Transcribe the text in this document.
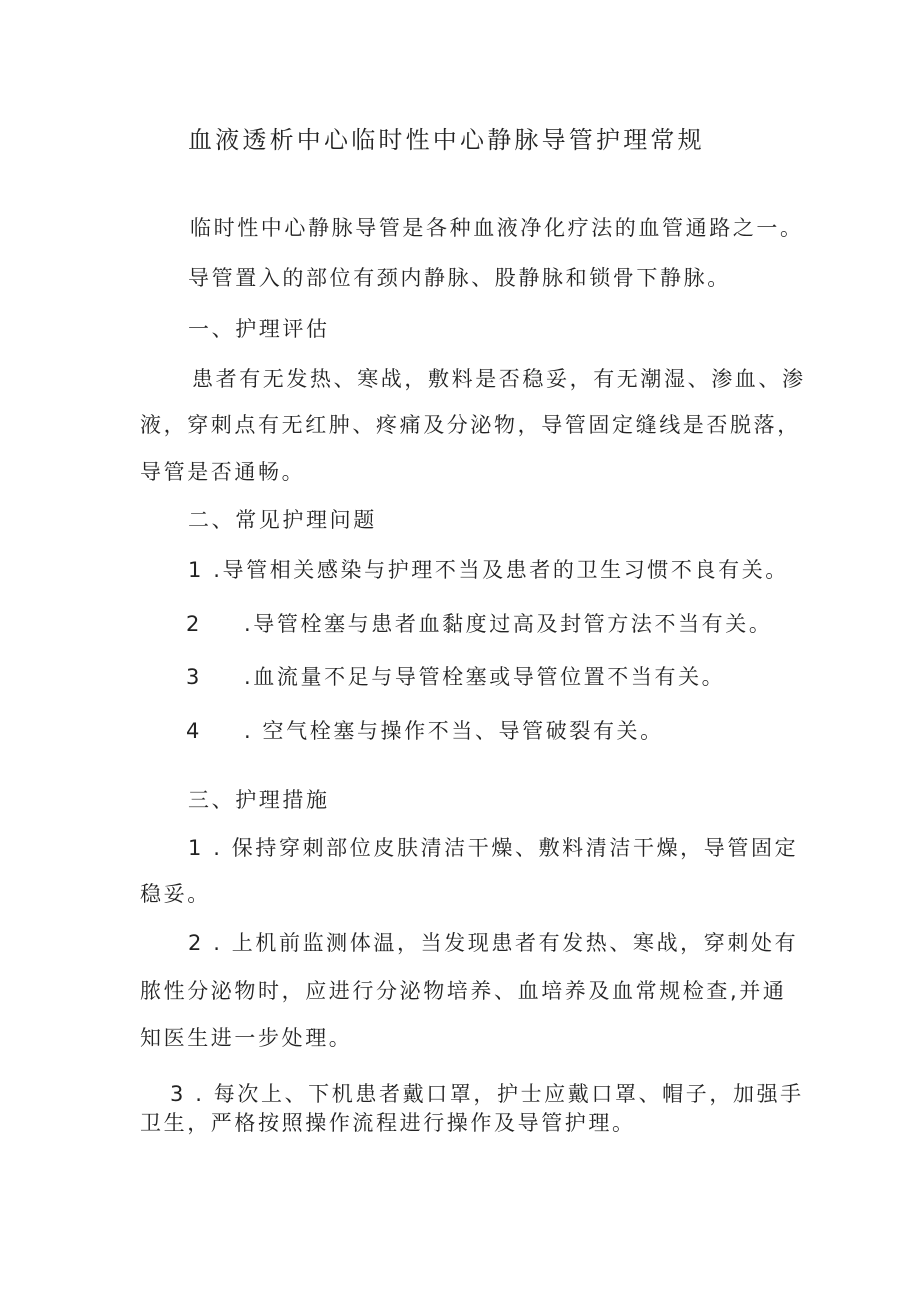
血液透析中心临时性中心静脉导管护理常规
临时性中心静脉导管是各种血液净化疗法的血管通路之一。
导管置入的部位有颈内静脉、股静脉和锁骨下静脉。
一、护理评估
患者有无发热、寒战，敷料是否稳妥，有无潮湿、渗血、渗
液，穿刺点有无红肿、疼痛及分泌物，导管固定缝线是否脱落，
导管是否通畅。
二、常见护理问题
1 .导管相关感染与护理不当及患者的卫生习惯不良有关。
2 .导管栓塞与患者血黏度过高及封管方法不当有关。
3 .血流量不足与导管栓塞或导管位置不当有关。
4 . 空气栓塞与操作不当、导管破裂有关。
三、护理措施
1 . 保持穿刺部位皮肤清洁干燥、敷料清洁干燥，导管固定
稳妥。
2 . 上机前监测体温，当发现患者有发热、寒战，穿刺处有
脓性分泌物时，应进行分泌物培养、血培养及血常规检查,并通
知医生进一步处理。
3 . 每次上、下机患者戴口罩，护士应戴口罩、帽子，加强手
卫生，严格按照操作流程进行操作及导管护理。
